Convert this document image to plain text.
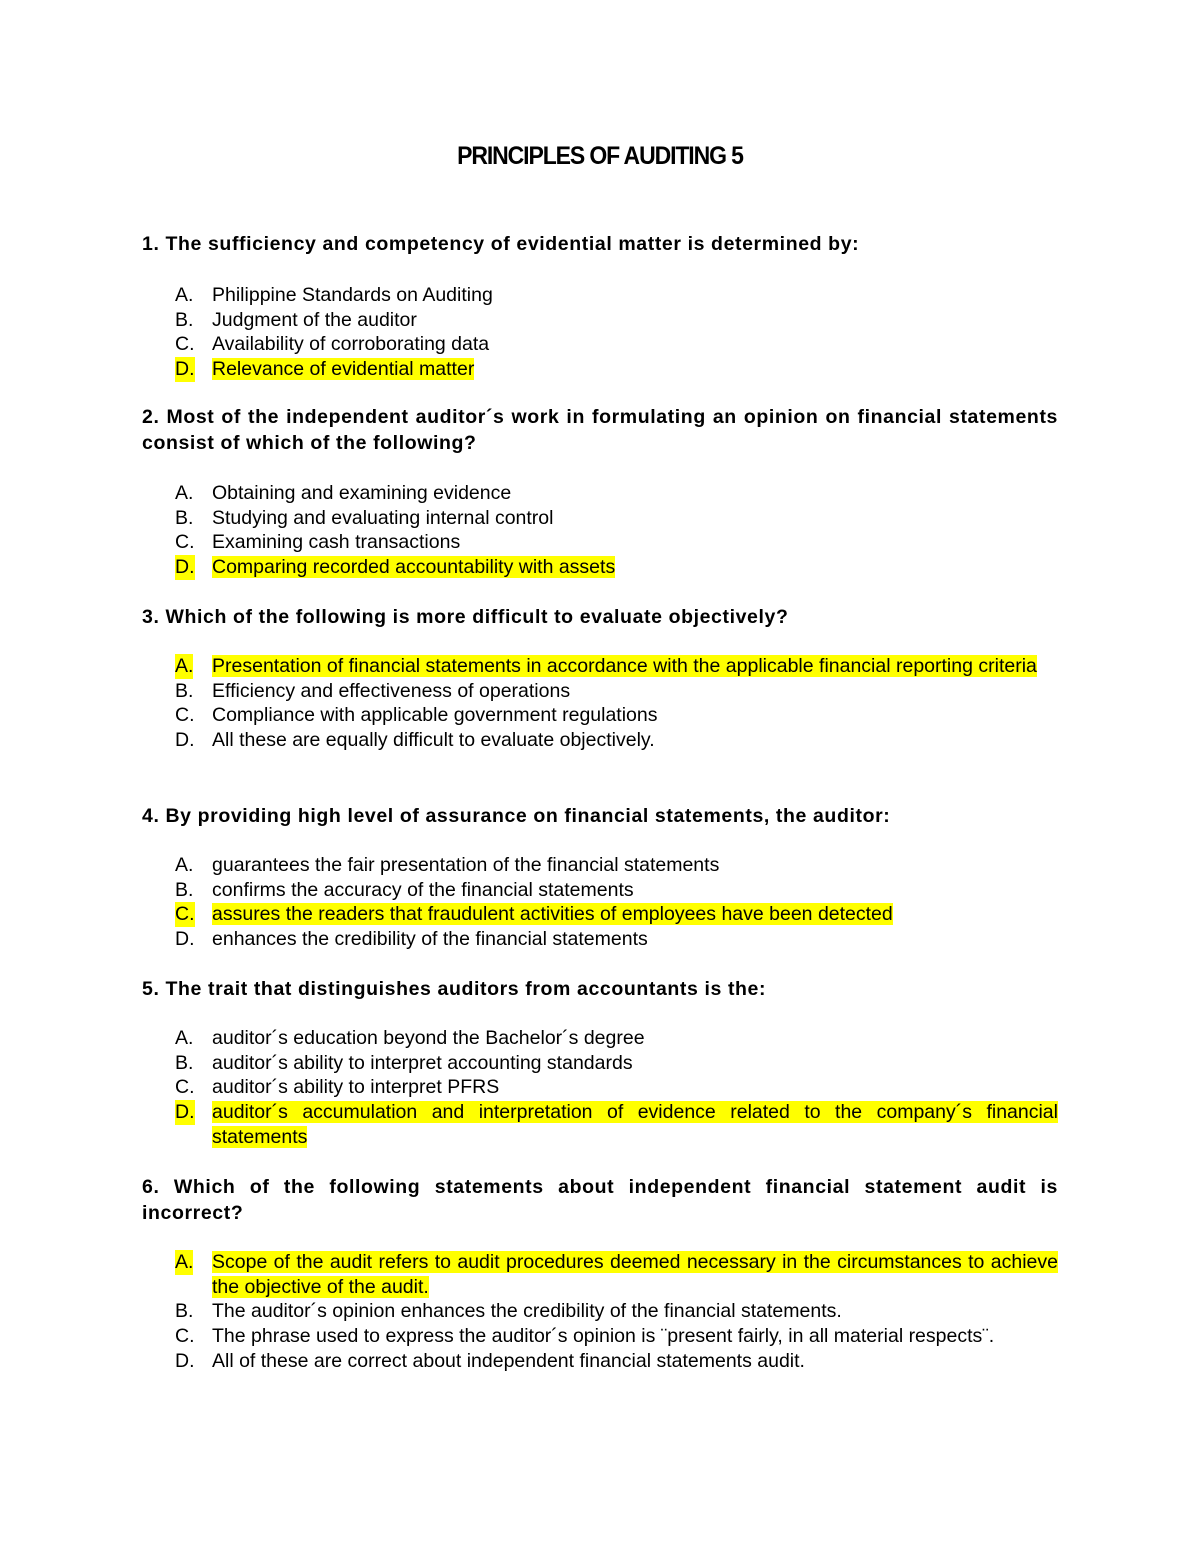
PRINCIPLES OF AUDITING 5

1. The sufficiency and competency of evidential matter is determined by:

A. Philippine Standards on Auditing
B. Judgment of the auditor
C. Availability of corroborating data
D. Relevance of evidential matter

2. Most of the independent auditor´s work in formulating an opinion on financial statements consist of which of the following?

A. Obtaining and examining evidence
B. Studying and evaluating internal control
C. Examining cash transactions
D. Comparing recorded accountability with assets

3. Which of the following is more difficult to evaluate objectively?

A. Presentation of financial statements in accordance with the applicable financial reporting criteria
B. Efficiency and effectiveness of operations
C. Compliance with applicable government regulations
D. All these are equally difficult to evaluate objectively.

4. By providing high level of assurance on financial statements, the auditor:

A. guarantees the fair presentation of the financial statements
B. confirms the accuracy of the financial statements
C. assures the readers that fraudulent activities of employees have been detected
D. enhances the credibility of the financial statements

5. The trait that distinguishes auditors from accountants is the:

A. auditor´s education beyond the Bachelor´s degree
B. auditor´s ability to interpret accounting standards
C. auditor´s ability to interpret PFRS
D. auditor´s accumulation and interpretation of evidence related to the company´s financial statements

6. Which of the following statements about independent financial statement audit is incorrect?

A. Scope of the audit refers to audit procedures deemed necessary in the circumstances to achieve the objective of the audit.
B. The auditor´s opinion enhances the credibility of the financial statements.
C. The phrase used to express the auditor´s opinion is ¨present fairly, in all material respects¨.
D. All of these are correct about independent financial statements audit.
